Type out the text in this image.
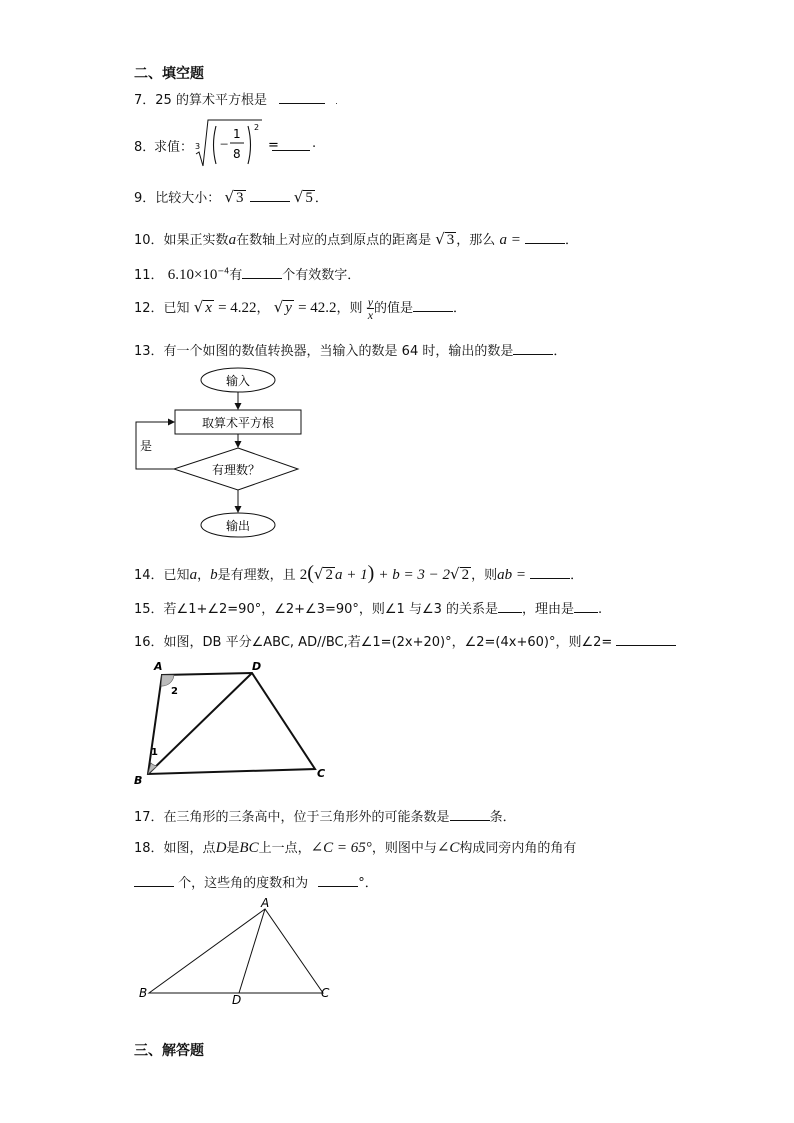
二、填空题
7．25 的算术平方根是	.
8．
求值： 3 −
1
8
2
=	.
9．比较大小： √ 3	√ 5 ．
10．如果正实数a在数轴上对应的点到原点的距离是 √ 3 ，那么 a =	．
11． $6.10\times 10^{-4}$有	个有效数字．
12．已知 √ x = 4.22， √ y = 42.2，则 $\frac{y}{x}$ 的值是	．
13．有一个如图的数值转换器，当输入的数是 64 时，输出的数是	．
输入
取算术平方根
有理数？
是
输出
14．已知a，b是有理数，且 2(√ 2 a + 1) + b = 3 − 2√ 2 ，则ab =	．
15．若∠1+∠2=90°，∠2+∠3=90°，则∠1 与∠3 的关系是 ，理由是 .
16．如图，DB 平分∠ABC, AD//BC,若∠1=(2x+20)°，∠2=(4x+60)°，则∠2=
A	D
B
C
2
1
17．在三角形的三条高中，位于三角形外的可能条数是	条．
18．如图，点D是BC上一点，∠C = 65°，则图中与∠C构成同旁内角的角有
个，这些角的度数和为	°．
A
B	C
D
三、解答题
